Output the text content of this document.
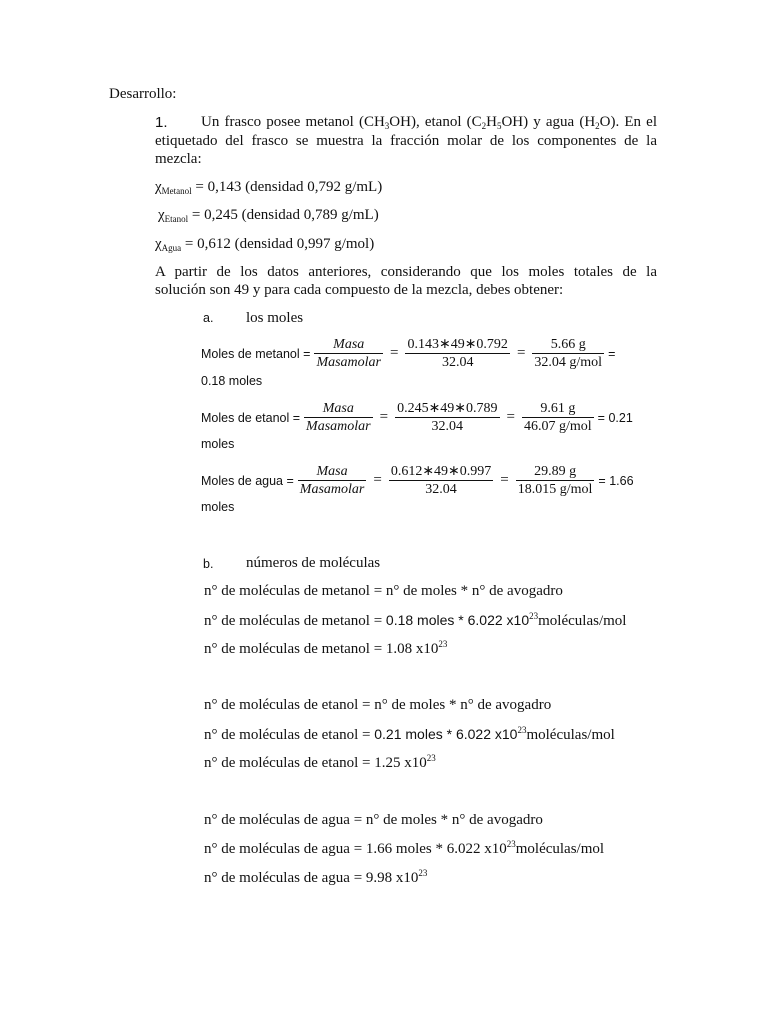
Desarrollo:
1. Un frasco posee metanol $(CH_3OH)$, etanol $(C_2H_5OH)$ y agua $(H_2O)$. En el
etiquetado del frasco se muestra la fracción molar de los componentes de la
mezcla:
$\chi_{Metanol} = 0,143$ (densidad 0,792 g/mL)
$\chi_{Etanol} = 0,245$ (densidad 0,789 g/mL)
$\chi_{Agua} = 0,612$ (densidad 0,997 g/mol)
A partir de los datos anteriores, considerando que los moles totales de la
solución son 49 y para cada compuesto de la mezcla, debes obtener:
a. los moles
Moles de metanol = $\frac{\text{Masa}}{\text{Masamolar}} = \frac{0.143∗49∗0.792}{32.04} = \frac{5.66 g}{\text{32.04 g/mol}}$ =
0.18 moles
Moles de etanol = $\frac{\text{Masa}}{\text{Masamolar}} = \frac{0.245∗49∗0.789}{32.04} = \frac{9.61 g}{\text{46.07 g/mol}} = 0.21$
moles
Moles de agua = $\frac{\text{Masa}}{\text{Masamolar}} = \frac{0.612∗49∗0.997}{32.04} = \frac{29.89 g}{\text{18.015 g/mol}} = 1.66$
moles
b. números de moléculas
n° de moléculas de metanol = n° de moles * n° de avogadro
n° de moléculas de metanol = 0.18 moles * 6.022 $x10^{23}moléculas$/mol
n° de moléculas de metanol = 1.08 $x10^{23}$
n° de moléculas de etanol = n° de moles * n° de avogadro
n° de moléculas de etanol = 0.21 moles * 6.022 $x10^{23}moléculas$/mol
n° de moléculas de etanol = 1.25 $x10^{23}$
n° de moléculas de agua = n° de moles * n° de avogadro
n° de moléculas de agua = 1.66 moles * 6.022 $x10^{23}moléculas$/mol
n° de moléculas de agua = 9.98 $x10^{23}$
